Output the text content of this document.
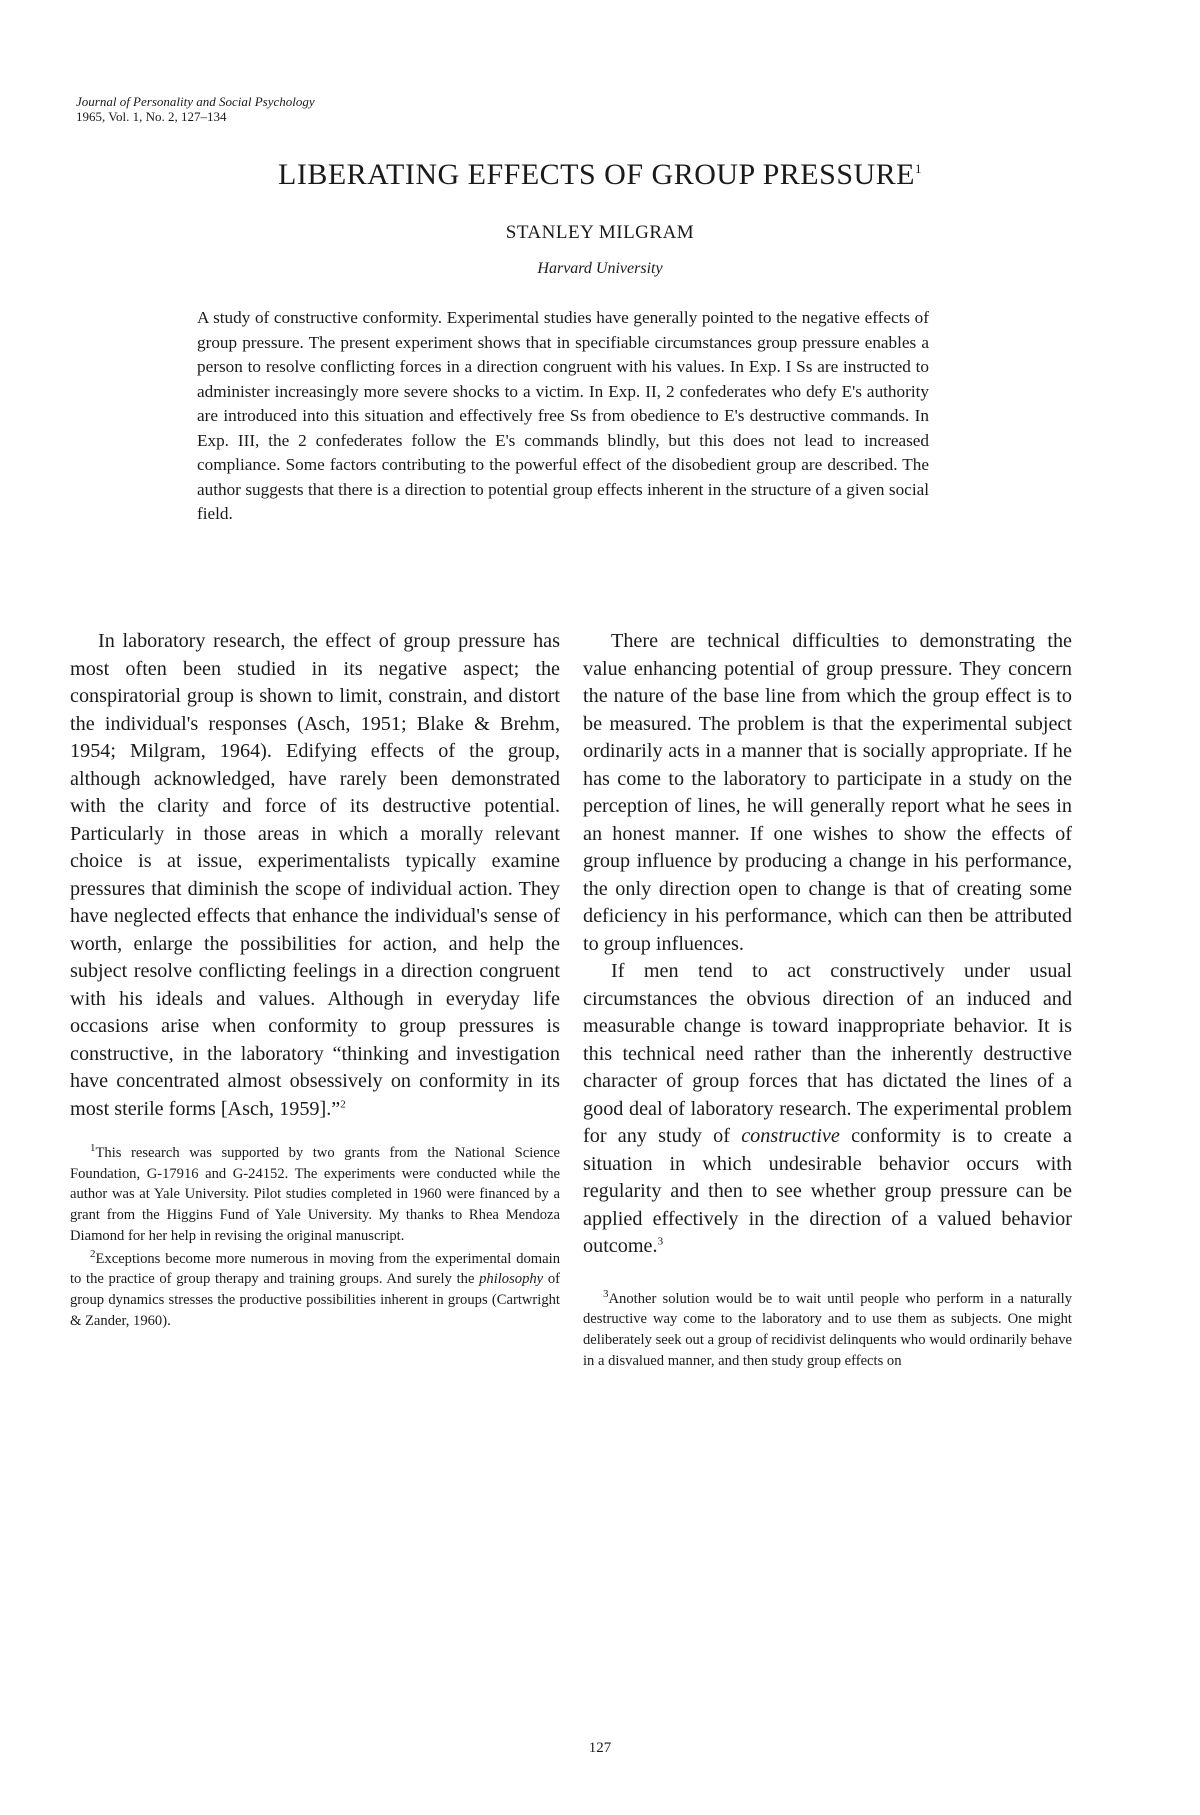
Journal of Personality and Social Psychology
1965, Vol. 1, No. 2, 127–134
LIBERATING EFFECTS OF GROUP PRESSURE$^1$
STANLEY MILGRAM
Harvard University

A study of constructive conformity. Experimental studies have generally pointed to the negative effects of group pressure. The present experiment shows that in specifiable circumstances group pressure enables a person to resolve conflicting forces in a direction congruent with his values. In Exp. I Ss are instructed to administer increasingly more severe shocks to a victim. In Exp. II, 2 confederates who defy E's authority are introduced into this situation and effectively free Ss from obedience to E's destructive commands. In Exp. III, the 2 confederates follow the E's commands blindly, but this does not lead to increased compliance. Some factors contributing to the powerful effect of the disobedient group are described. The author suggests that there is a direction to potential group effects inherent in the structure of a given social field.

In laboratory research, the effect of group pressure has most often been studied in its negative aspect; the conspiratorial group is shown to limit, constrain, and distort the individual's responses (Asch, 1951; Blake & Brehm, 1954; Milgram, 1964). Edifying effects of the group, although acknowledged, have rarely been demonstrated with the clarity and force of its destructive potential. Particularly in those areas in which a morally relevant choice is at issue, experimentalists typically examine pressures that diminish the scope of individual action. They have neglected effects that enhance the individual's sense of worth, enlarge the possibilities for action, and help the subject resolve conflicting feelings in a direction congruent with his ideals and values. Although in everyday life occasions arise when conformity to group pressures is constructive, in the laboratory “thinking and investigation have concentrated almost obsessively on conformity in its most sterile forms [Asch, 1959].”$^2$

$^1$This research was supported by two grants from the National Science Foundation, G-17916 and G-24152. The experiments were conducted while the author was at Yale University. Pilot studies completed in 1960 were financed by a grant from the Higgins Fund of Yale University. My thanks to Rhea Mendoza Diamond for her help in revising the original manuscript.

$^2$Exceptions become more numerous in moving from the experimental domain to the practice of group therapy and training groups. And surely the philosophy of group dynamics stresses the productive possibilities inherent in groups (Cartwright & Zander, 1960).

There are technical difficulties to demonstrating the value enhancing potential of group pressure. They concern the nature of the base line from which the group effect is to be measured. The problem is that the experimental subject ordinarily acts in a manner that is socially appropriate. If he has come to the laboratory to participate in a study on the perception of lines, he will generally report what he sees in an honest manner. If one wishes to show the effects of group influence by producing a change in his performance, the only direction open to change is that of creating some deficiency in his performance, which can then be attributed to group influences.

If men tend to act constructively under usual circumstances the obvious direction of an induced and measurable change is toward inappropriate behavior. It is this technical need rather than the inherently destructive character of group forces that has dictated the lines of a good deal of laboratory research. The experimental problem for any study of constructive conformity is to create a situation in which undesirable behavior occurs with regularity and then to see whether group pressure can be applied effectively in the direction of a valued behavior outcome.$^3$

$^3$Another solution would be to wait until people who perform in a naturally destructive way come to the laboratory and to use them as subjects. One might deliberately seek out a group of recidivist delinquents who would ordinarily behave in a disvalued manner, and then study group effects on

127
